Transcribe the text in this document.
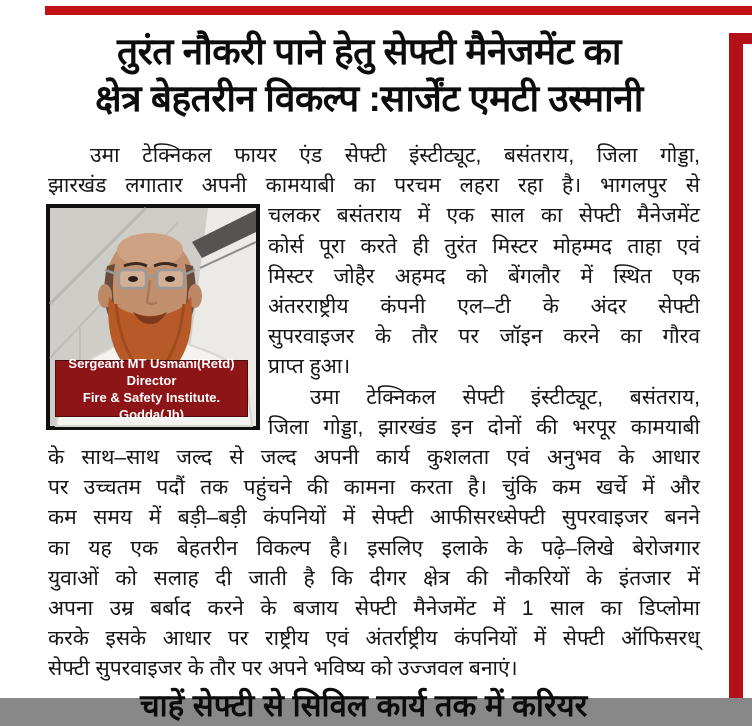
तुरंत नौकरी पाने हेतु सेफ्टी मैनेजमेंट का
क्षेत्र बेहतरीन विकल्प :सार्जेंट एमटी उस्मानी
Sergeant MT Usmani(Retd)
Director
Fire & Safety Institute. Godda(Jh)
उमा टेक्निकल फायर एंड सेफ्टी इंस्टीट्यूट, बसंतराय, जिला गोड्डा,
झारखंड लगातार अपनी कामयाबी का परचम लहरा रहा है। भागलपुर से
चलकर बसंतराय में एक साल का सेफ्टी मैनेजमेंट
कोर्स पूरा करते ही तुरंत मिस्टर मोहम्मद ताहा एवं
मिस्टर जोहैर अहमद को बेंगलौर में स्थित एक
अंतरराष्ट्रीय कंपनी एल–टी के अंदर सेफ्टी
सुपरवाइजर के तौर पर जॉइन करने का गौरव
प्राप्त हुआ।
उमा टेक्निकल सेफ्टी इंस्टीट्यूट, बसंतराय,
जिला गोड्डा, झारखंड इन दोनों की भरपूर कामयाबी
के साथ–साथ जल्द से जल्द अपनी कार्य कुशलता एवं अनुभव के आधार
पर उच्चतम पदौं तक पहुंचने की कामना करता है। चुंकि कम खर्चे में और
कम समय में बड़ी–बड़ी कंपनियों में सेफ्टी आफीसरध्सेफ्टी सुपरवाइजर बनने
का यह एक बेहतरीन विकल्प है। इसलिए इलाके के पढ़े–लिखे बेरोजगार
युवाओं को सलाह दी जाती है कि दीगर क्षेत्र की नौकरियों के इंतजार में
अपना उम्र बर्बाद करने के बजाय सेफ्टी मैनेजमेंट में 1 साल का डिप्लोमा
करके इसके आधार पर राष्ट्रीय एवं अंतर्राष्ट्रीय कंपनियों में सेफ्टी ऑफिसरध्
सेफ्टी सुपरवाइजर के तौर पर अपने भविष्य को उज्जवल बनाएं।
चाहें सेफ्टी से सिविल कार्य तक में करियर
